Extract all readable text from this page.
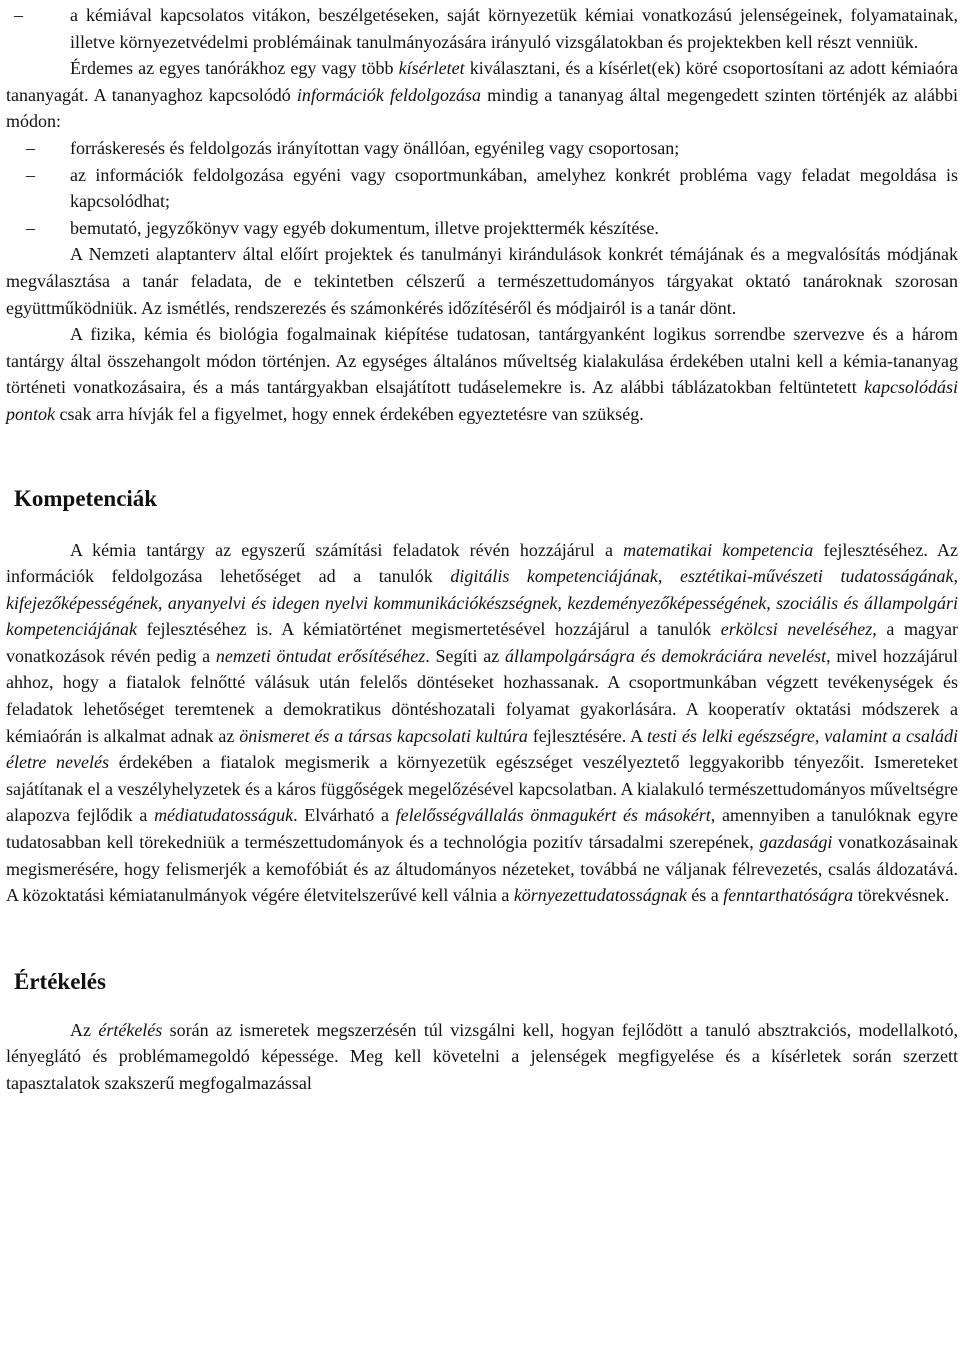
– a kémiával kapcsolatos vitákon, beszélgetéseken, saját környezetük kémiai vonatkozású jelenségeinek, folyamatainak, illetve környezetvédelmi problémáinak tanulmányozására irányuló vizsgálatokban és projektekben kell részt venniük.

Érdemes az egyes tanórákhoz egy vagy több kísérletet kiválasztani, és a kísérlet(ek) köré csoportosítani az adott kémiaóra tananyagát. A tananyaghoz kapcsolódó információk feldolgozása mindig a tananyag által megengedett szinten történjék az alábbi módon:

– forráskeresés és feldolgozás irányítottan vagy önállóan, egyénileg vagy csoportosan;
– az információk feldolgozása egyéni vagy csoportmunkában, amelyhez konkrét probléma vagy feladat megoldása is kapcsolódhat;
– bemutató, jegyzőkönyv vagy egyéb dokumentum, illetve projekttermék készítése.

A Nemzeti alaptanterv által előírt projektek és tanulmányi kirándulások konkrét témájának és a megvalósítás módjának megválasztása a tanár feladata, de e tekintetben célszerű a természettudományos tárgyakat oktató tanároknak szorosan együttműködniük. Az ismétlés, rendszerezés és számonkérés időzítéséről és módjairól is a tanár dönt.

A fizika, kémia és biológia fogalmainak kiépítése tudatosan, tantárgyanként logikus sorrendbe szervezve és a három tantárgy által összehangolt módon történjen. Az egységes általános műveltség kialakulása érdekében utalni kell a kémia-tananyag történeti vonatkozásaira, és a más tantárgyakban elsajátított tudáselemekre is. Az alábbi táblázatokban feltüntetett kapcsolódási pontok csak arra hívják fel a figyelmet, hogy ennek érdekében egyeztetésre van szükség.

Kompetenciák

A kémia tantárgy az egyszerű számítási feladatok révén hozzájárul a matematikai kompetencia fejlesztéséhez. Az információk feldolgozása lehetőséget ad a tanulók digitális kompetenciájának, esztétikai-művészeti tudatosságának, kifejezőképességének, anyanyelvi és idegen nyelvi kommunikációkészségnek, kezdeményezőképességének, szociális és állampolgári kompetenciájának fejlesztéséhez is. A kémiatörténet megismertetésével hozzájárul a tanulók erkölcsi neveléséhez, a magyar vonatkozások révén pedig a nemzeti öntudat erősítéséhez. Segíti az állampolgárságra és demokráciára nevelést, mivel hozzájárul ahhoz, hogy a fiatalok felnőtté válásuk után felelős döntéseket hozhassanak. A csoportmunkában végzett tevékenységek és feladatok lehetőséget teremtenek a demokratikus döntéshozatali folyamat gyakorlására. A kooperatív oktatási módszerek a kémiaórán is alkalmat adnak az önismeret és a társas kapcsolati kultúra fejlesztésére. A testi és lelki egészségre, valamint a családi életre nevelés érdekében a fiatalok megismerik a környezetük egészséget veszélyeztető leggyakoribb tényezőit. Ismereteket sajátítanak el a veszélyhelyzetek és a káros függőségek megelőzésével kapcsolatban. A kialakuló természettudományos műveltségre alapozva fejlődik a médiatudatosságuk. Elvárható a felelősségvállalás önmagukért és másokért, amennyiben a tanulóknak egyre tudatosabban kell törekedniük a természettudományok és a technológia pozitív társadalmi szerepének, gazdasági vonatkozásainak megismerésére, hogy felismerjék a kemofóbiát és az áltudományos nézeteket, továbbá ne váljanak félrevezetés, csalás áldozatává. A közoktatási kémiatanulmányok végére életvitelszerűvé kell válnia a környezettudatosságnak és a fenntarthatóságra törekvésnek.

Értékelés

Az értékelés során az ismeretek megszerzésén túl vizsgálni kell, hogyan fejlődött a tanuló absztrakciós, modellalkotó, lényeglátó és problémamegoldó képessége. Meg kell követelni a jelenségek megfigyelése és a kísérletek során szerzett tapasztalatok szakszerű megfogalmazással
